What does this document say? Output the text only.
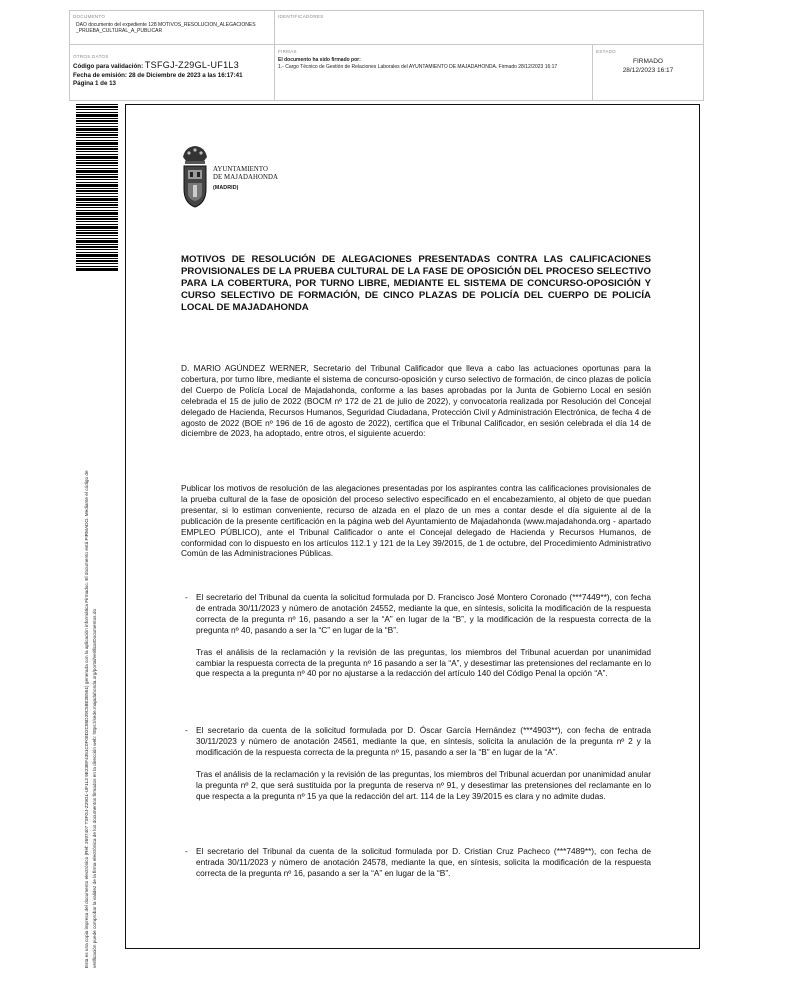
DOCUMENTO
DAO documento del expediente 128 MOTIVOS_RESOLUCION_ALEGACIONES _PRUEBA_CULTURAL_A_PUBLICAR
IDENTIFICADORES
OTROS DATOS
Código para validación: TSFGJ-Z29GL-UF1L3
Fecha de emisión: 28 de Diciembre de 2023 a las 16:17:41
Página 1 de 13
FIRMAS
El documento ha sido firmado por:
1.- Cargo Técnico de Gestión de Relaciones Laborales del AYUNTAMIENTO DE MAJADAHONDA. Firmado 28/12/2023 16:17
ESTADO
FIRMADO
28/12/2023 16:17
Esta es una copia impresa del documento electrónico (Ref: 2697407 TSFGJ-Z29GL-UF1L3 9E23EF4351C0F08D2C85D29C58E2E551) generada con la aplicación informática Firmadoc. El documento está FIRMADO. Mediante el código de verificación puede comprobar la validez de la firma electrónica de los documentos firmados en la dirección web: https://sede.majadahonda.org/portal/verificarDocumentos.do
AYUNTAMIENTO
DE MAJADAHONDA
(MADRID)
MOTIVOS DE RESOLUCIÓN DE ALEGACIONES PRESENTADAS CONTRA LAS CALIFICACIONES PROVISIONALES DE LA PRUEBA CULTURAL DE LA FASE DE OPOSICIÓN DEL PROCESO SELECTIVO PARA LA COBERTURA, POR TURNO LIBRE, MEDIANTE EL SISTEMA DE CONCURSO-OPOSICIÓN Y CURSO SELECTIVO DE FORMACIÓN, DE CINCO PLAZAS DE POLICÍA DEL CUERPO DE POLICÍA LOCAL DE MAJADAHONDA
D. MARIO AGÚNDEZ WERNER, Secretario del Tribunal Calificador que lleva a cabo las actuaciones oportunas para la cobertura, por turno libre, mediante el sistema de concurso-oposición y curso selectivo de formación, de cinco plazas de policía del Cuerpo de Policía Local de Majadahonda, conforme a las bases aprobadas por la Junta de Gobierno Local en sesión celebrada el 15 de julio de 2022 (BOCM nº 172 de 21 de julio de 2022), y convocatoria realizada por Resolución del Concejal delegado de Hacienda, Recursos Humanos, Seguridad Ciudadana, Protección Civil y Administración Electrónica, de fecha 4 de agosto de 2022 (BOE nº 196 de 16 de agosto de 2022), certifica que el Tribunal Calificador, en sesión celebrada el día 14 de diciembre de 2023, ha adoptado, entre otros, el siguiente acuerdo:
Publicar los motivos de resolución de las alegaciones presentadas por los aspirantes contra las calificaciones provisionales de la prueba cultural de la fase de oposición del proceso selectivo especificado en el encabezamiento, al objeto de que puedan presentar, si lo estiman conveniente, recurso de alzada en el plazo de un mes a contar desde el día siguiente al de la publicación de la presente certificación en la página web del Ayuntamiento de Majadahonda (www.majadahonda.org - apartado EMPLEO PÚBLICO), ante el Tribunal Calificador o ante el Concejal delegado de Hacienda y Recursos Humanos, de conformidad con lo dispuesto en los artículos 112.1 y 121 de la Ley 39/2015, de 1 de octubre, del Procedimiento Administrativo Común de las Administraciones Públicas.
- El secretario del Tribunal da cuenta la solicitud formulada por D. Francisco José Montero Coronado (***7449**), con fecha de entrada 30/11/2023 y número de anotación 24552, mediante la que, en síntesis, solicita la modificación de la respuesta correcta de la pregunta nº 16, pasando a ser la “A” en lugar de la “B”, y la modificación de la respuesta correcta de la pregunta nº 40, pasando a ser la “C” en lugar de la “B”.
Tras el análisis de la reclamación y la revisión de las preguntas, los miembros del Tribunal acuerdan por unanimidad cambiar la respuesta correcta de la pregunta nº 16 pasando a ser la “A”, y desestimar las pretensiones del reclamante en lo que respecta a la pregunta nº 40 por no ajustarse a la redacción del artículo 140 del Código Penal la opción “A”.
- El secretario da cuenta de la solicitud formulada por D. Óscar García Hernández (***4903**), con fecha de entrada 30/11/2023 y número de anotación 24561, mediante la que, en síntesis, solicita la anulación de la pregunta nº 2 y la modificación de la respuesta correcta de la pregunta nº 15, pasando a ser la “B” en lugar de la “A”.
Tras el análisis de la reclamación y la revisión de las preguntas, los miembros del Tribunal acuerdan por unanimidad anular la pregunta nº 2, que será sustituida por la pregunta de reserva nº 91, y desestimar las pretensiones del reclamante en lo que respecta a la pregunta nº 15 ya que la redacción del art. 114 de la Ley 39/2015 es clara y no admite dudas.
- El secretario del Tribunal da cuenta de la solicitud formulada por D. Cristian Cruz Pacheco (***7489**), con fecha de entrada 30/11/2023 y número de anotación 24578, mediante la que, en síntesis, solicita la modificación de la respuesta correcta de la pregunta nº 16, pasando a ser la “A” en lugar de la “B”.
